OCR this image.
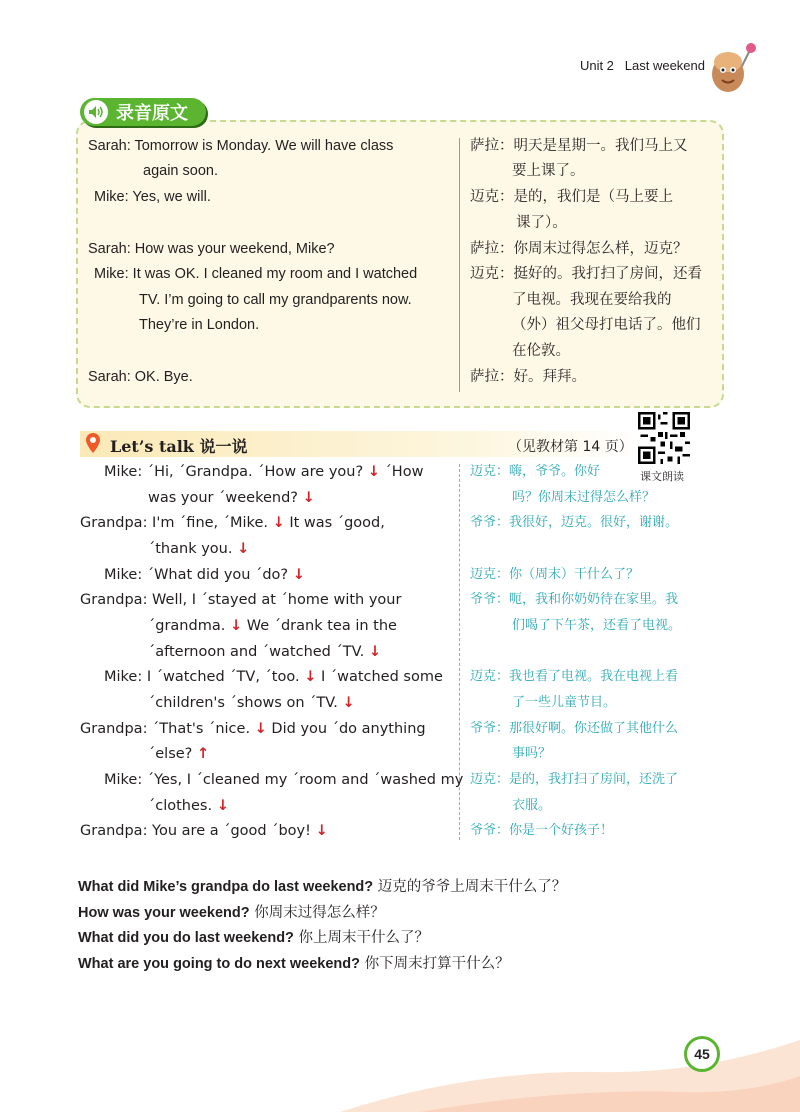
Unit 2 Last weekend
录音原文
Sarah: Tomorrow is Monday. We will have class
again soon.
Mike: Yes, we will.
Sarah: How was your weekend, Mike?
Mike: It was OK. I cleaned my room and I watched
TV. I’m going to call my grandparents now.
They’re in London.
Sarah: OK. Bye.
萨拉：明天是星期一。我们马上又
要上课了。
迈克：是的，我们是（马上要上
课了）。
萨拉：你周末过得怎么样，迈克？
迈克：挺好的。我打扫了房间，还看
了电视。我现在要给我的
（外）祖父母打电话了。他们
在伦敦。
萨拉：好。拜拜。
Let’s talk 说一说	（见教材第 14 页）
课文朗读
Mike: ˊHi, ˊGrandpa. ˊHow are you? ↓ ˊHow
was your ˊweekend? ↓
Grandpa: I'm ˊfine, ˊMike. ↓ It was ˊgood,
ˊthank you. ↓
Mike: ˊWhat did you ˊdo? ↓
Grandpa: Well, I ˊstayed at ˊhome with your
ˊgrandma. ↓ We ˊdrank tea in the
ˊafternoon and ˊwatched ˊTV. ↓
Mike: I ˊwatched ˊTV, ˊtoo. ↓ I ˊwatched some
ˊchildren's ˊshows on ˊTV. ↓
Grandpa: ˊThat's ˊnice. ↓ Did you ˊdo anything
ˊelse? ↑
Mike: ˊYes, I ˊcleaned my ˊroom and ˊwashed my
ˊclothes. ↓
Grandpa: You are a ˊgood ˊboy! ↓
迈克：嗨，爷爷。你好
吗？你周末过得怎么样？
爷爷：我很好，迈克。很好，谢谢。
迈克：你（周末）干什么了？
爷爷：呃，我和你奶奶待在家里。我
们喝了下午茶，还看了电视。
迈克：我也看了电视。我在电视上看
了一些儿童节目。
爷爷：那很好啊。你还做了其他什么
事吗？
迈克：是的，我打扫了房间，还洗了
衣服。
爷爷：你是一个好孩子！
What did Mike’s grandpa do last weekend? 迈克的爷爷上周末干什么了？
How was your weekend? 你周末过得怎么样？
What did you do last weekend? 你上周末干什么了？
What are you going to do next weekend? 你下周末打算干什么？
45
